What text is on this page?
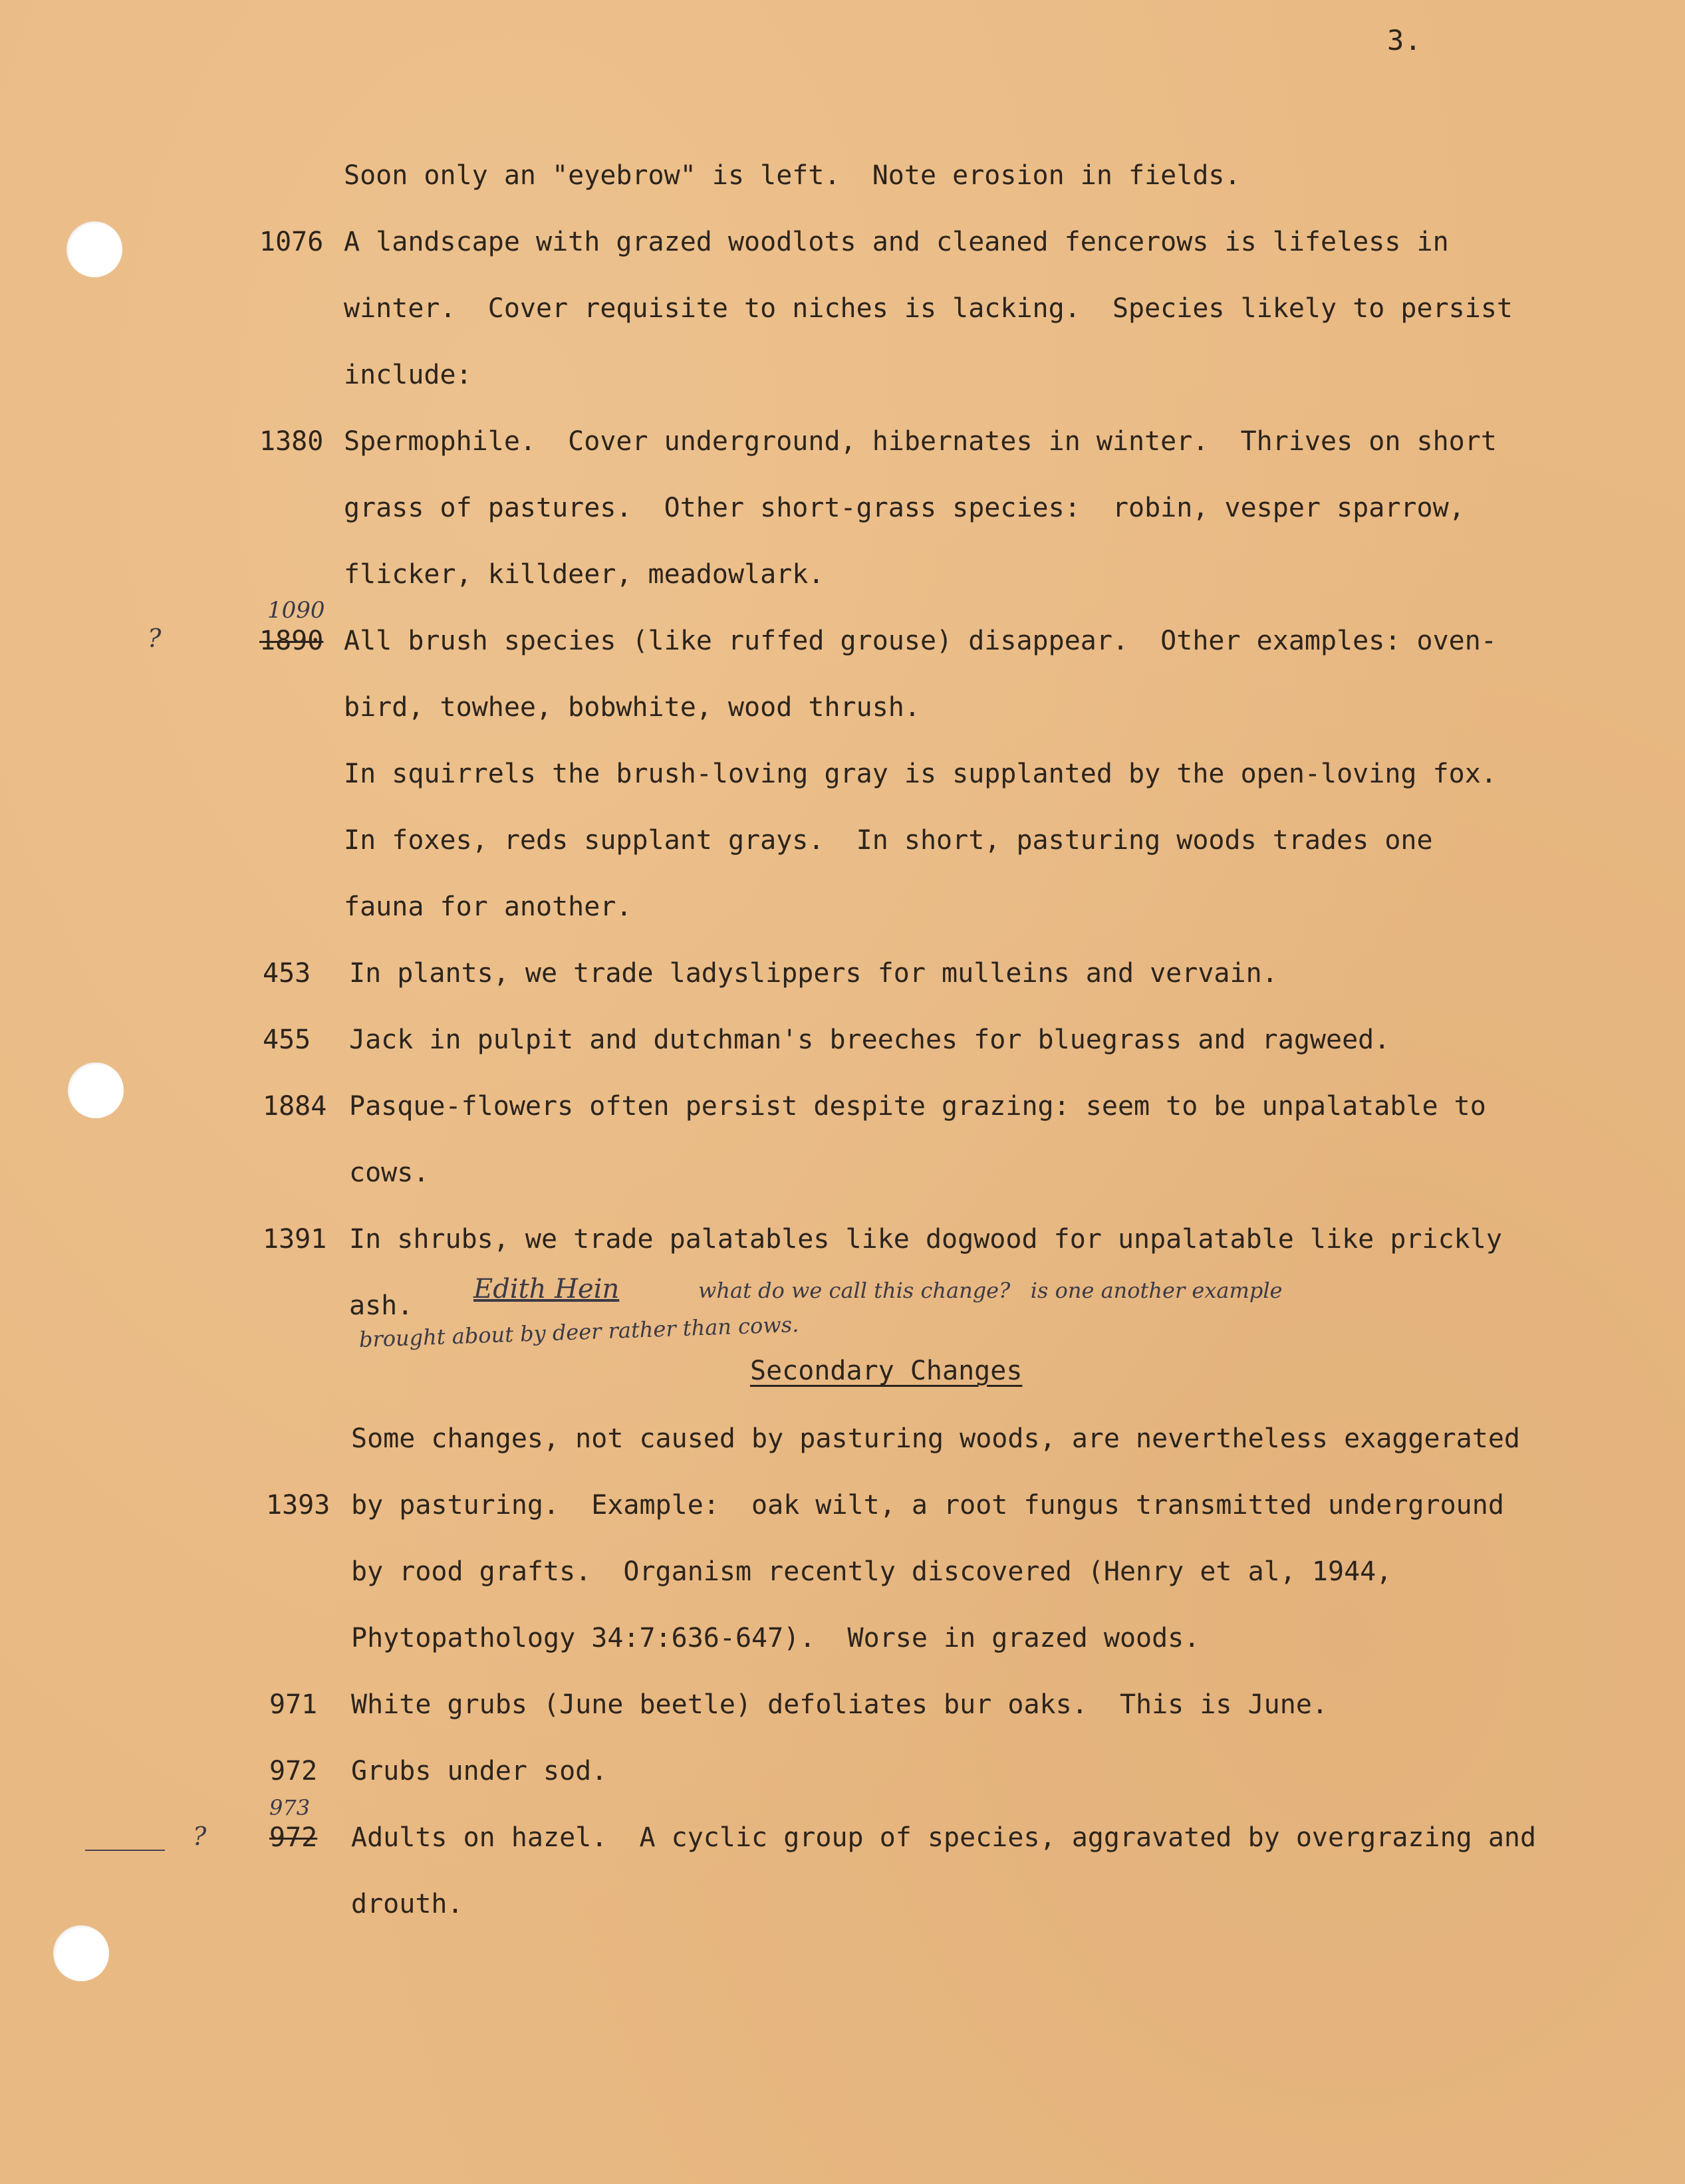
3.
Soon only an "eyebrow" is left.  Note erosion in fields.
1076 A landscape with grazed woodlots and cleaned fencerows is lifeless in
winter.  Cover requisite to niches is lacking.  Species likely to persist
include:
1380 Spermophile.  Cover underground, hibernates in winter.  Thrives on short
grass of pastures.  Other short-grass species:  robin, vesper sparrow,
flicker, killdeer, meadowlark.
?
1090
1890 All brush species (like ruffed grouse) disappear.  Other examples: oven-
bird, towhee, bobwhite, wood thrush.
In squirrels the brush-loving gray is supplanted by the open-loving fox.
In foxes, reds supplant grays.  In short, pasturing woods trades one
fauna for another.
453 In plants, we trade ladyslippers for mulleins and vervain.
455 Jack in pulpit and dutchman's breeches for bluegrass and ragweed.
1884 Pasque-flowers often persist despite grazing: seem to be unpalatable to
cows.
1391 In shrubs, we trade palatables like dogwood for unpalatable like prickly
ash.
Edith Hein	what do we call this change?   is one another example
brought about by deer rather than cows.
Secondary Changes
Some changes, not caused by pasturing woods, are nevertheless exaggerated
1393 by pasturing.  Example:  oak wilt, a root fungus transmitted underground
by rood grafts.  Organism recently discovered (Henry et al, 1944,
Phytopathology 34:7:636-647).  Worse in grazed woods.
971 White grubs (June beetle) defoliates bur oaks.  This is June.
972 Grubs under sod.
?
973
972 Adults on hazel.  A cyclic group of species, aggravated by overgrazing and
drouth.
